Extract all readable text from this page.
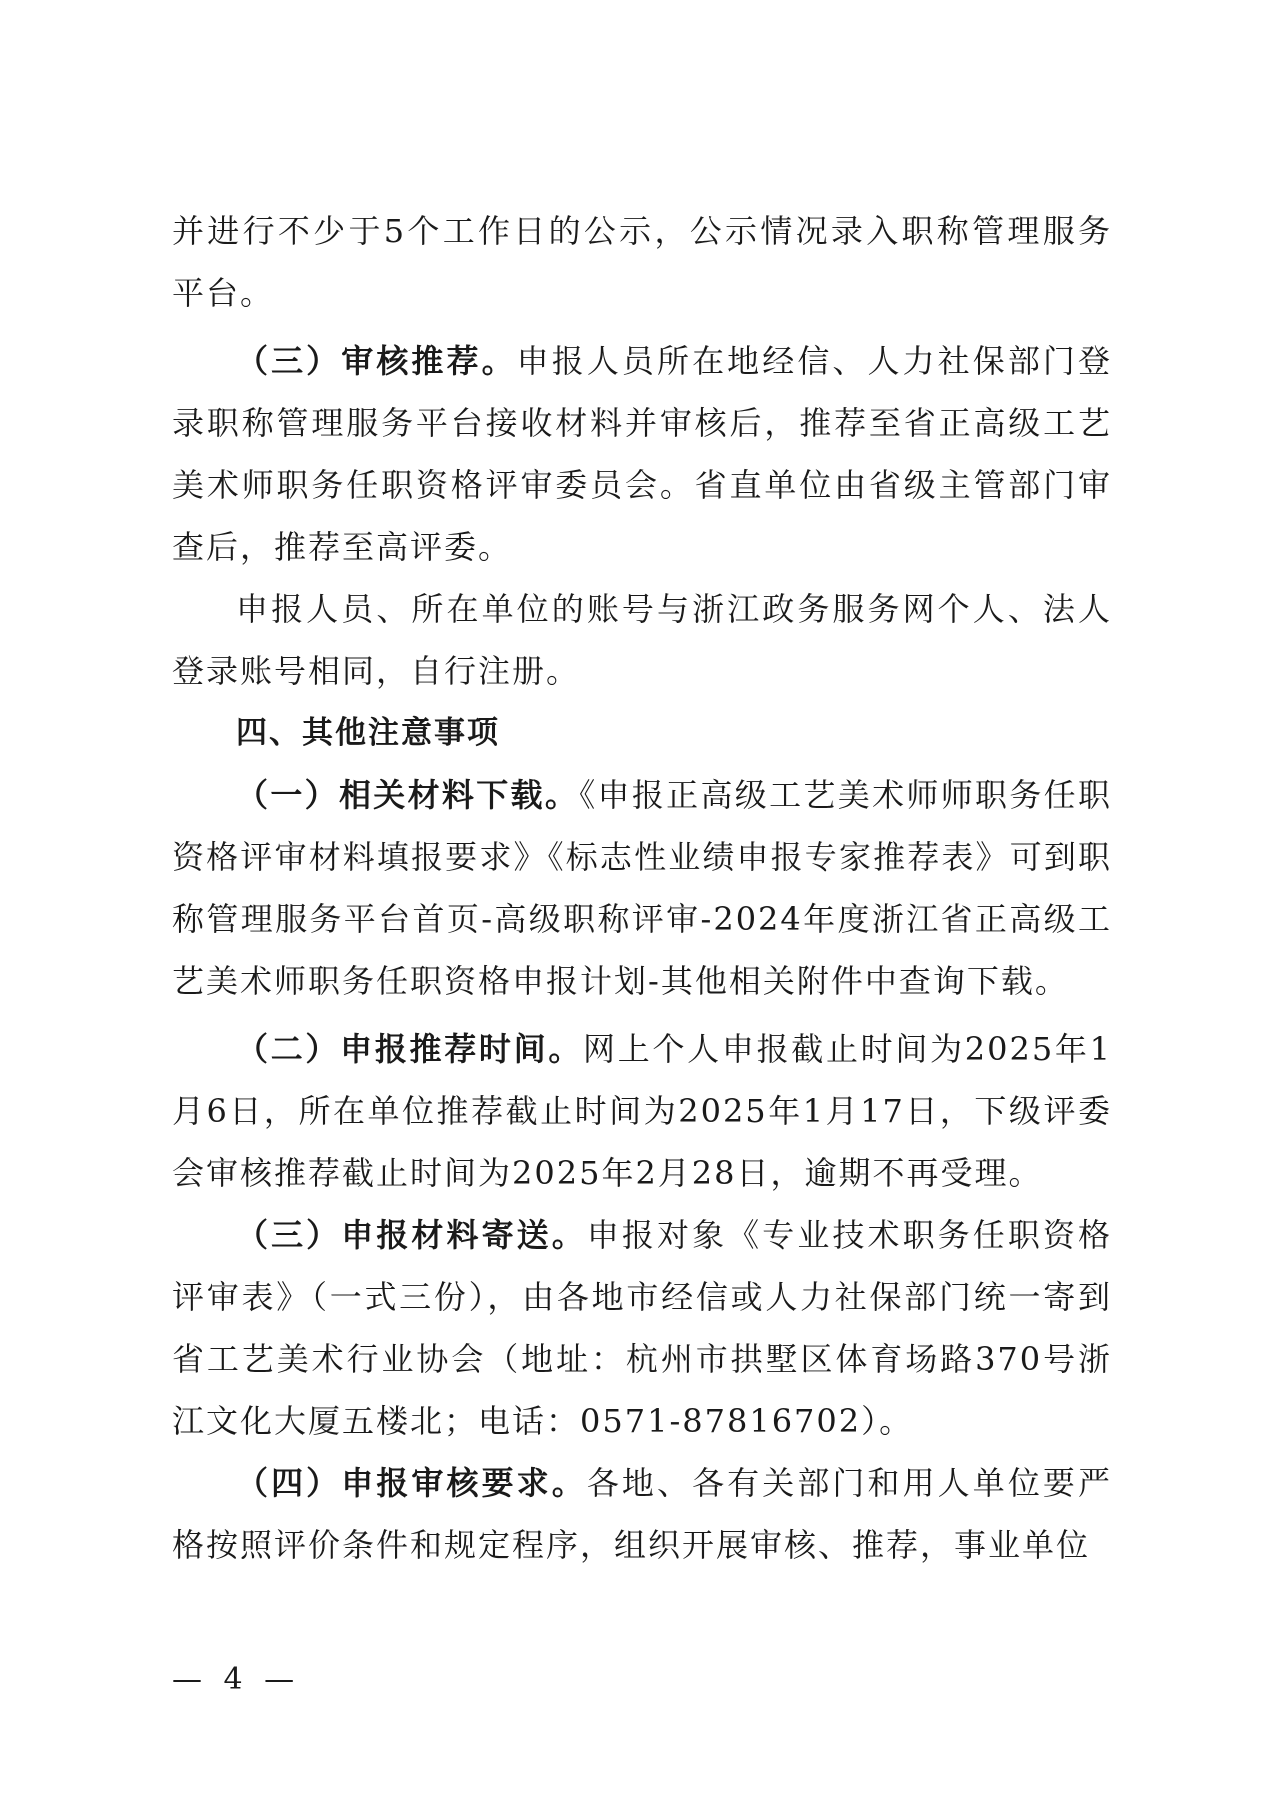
并进行不少于5个工作日的公示，公示情况录入职称管理服务平台。

（三）审核推荐。申报人员所在地经信、人力社保部门登录职称管理服务平台接收材料并审核后，推荐至省正高级工艺美术师职务任职资格评审委员会。省直单位由省级主管部门审查后，推荐至高评委。

申报人员、所在单位的账号与浙江政务服务网个人、法人登录账号相同，自行注册。

四、其他注意事项

（一）相关材料下载。《申报正高级工艺美术师师职务任职资格评审材料填报要求》《标志性业绩申报专家推荐表》可到职称管理服务平台首页-高级职称评审-2024年度浙江省正高级工艺美术师职务任职资格申报计划-其他相关附件中查询下载。

（二）申报推荐时间。网上个人申报截止时间为2025年1月6日，所在单位推荐截止时间为2025年1月17日，下级评委会审核推荐截止时间为2025年2月28日，逾期不再受理。

（三）申报材料寄送。申报对象《专业技术职务任职资格评审表》（一式三份），由各地市经信或人力社保部门统一寄到省工艺美术行业协会（地址：杭州市拱墅区体育场路370号浙江文化大厦五楼北；电话：0571-87816702）。

（四）申报审核要求。各地、各有关部门和用人单位要严格按照评价条件和规定程序，组织开展审核、推荐，事业单位

— 4 —
